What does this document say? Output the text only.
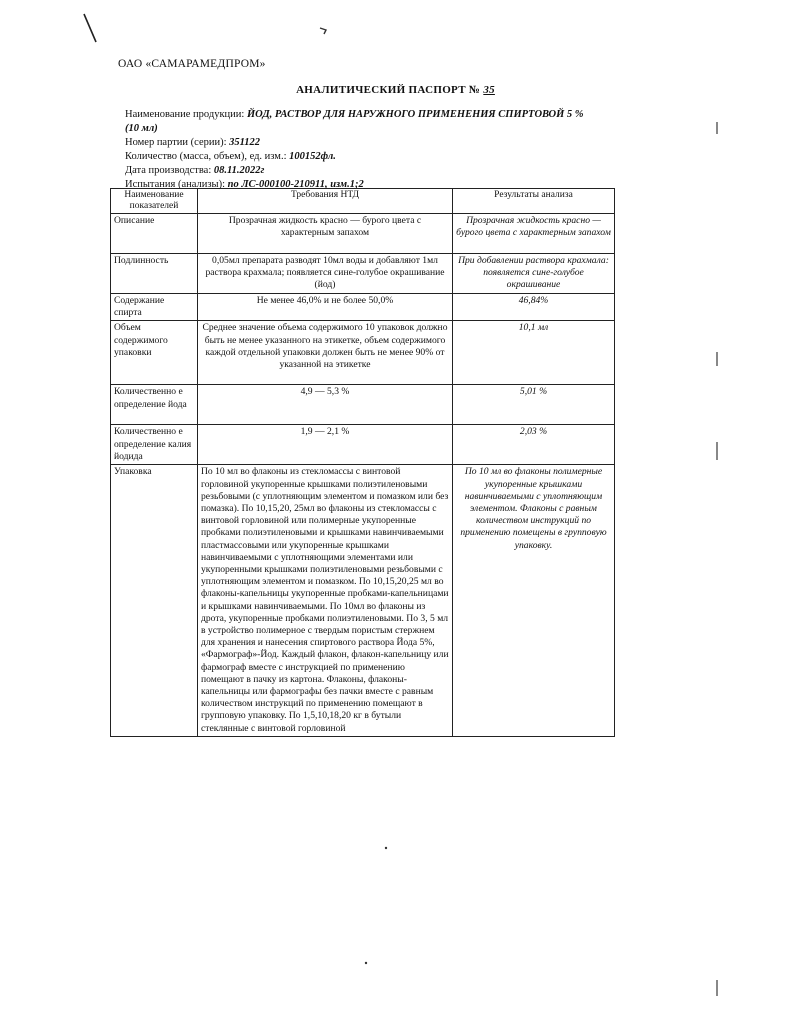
ОАО «САМАРАМЕДПРОМ»
АНАЛИТИЧЕСКИЙ ПАСПОРТ № 35
Наименование продукции: ЙОД, РАСТВОР ДЛЯ НАРУЖНОГО ПРИМЕНЕНИЯ СПИРТОВОЙ 5 %
(10 мл)
Номер партии (серии): 351122
Количество (масса, объем), ед. изм.: 100152фл.
Дата производства: 08.11.2022г
Испытания (анализы): по ЛС-000100-210911, изм.1;2
Наименование показателей	Требования НТД	Результаты анализа
Описание	Прозрачная жидкость красно — бурого цвета с характерным запахом	Прозрачная жидкость красно — бурого цвета с характерным запахом
Подлинность	0,05мл препарата разводят 10мл воды и добавляют 1мл раствора крахмала; появляется сине-голубое окрашивание (йод)	При добавлении раствора крахмала: появляется сине-голубое окрашивание
Содержание спирта	Не менее 46,0% и не более 50,0%	46,84%
Объем содержимого упаковки	Среднее значение объема содержимого 10 упаковок должно быть не менее указанного на этикетке, объем содержимого каждой отдельной упаковки должен быть не менее 90% от указанной на этикетке	10,1 мл
Количественно е определение йода	4,9 — 5,3 %	5,01 %
Количественно е определение калия йодида	1,9 — 2,1 %	2,03 %
Упаковка	По 10 мл во флаконы из стекломассы с винтовой горловиной укупоренные крышками полиэтиленовыми резьбовыми (с уплотняющим элементом и помазком или без помазка). По 10,15,20, 25мл во флаконы из стекломассы с винтовой горловиной или полимерные укупоренные пробками полиэтиленовыми и крышками навинчиваемыми пластмассовыми или укупоренные крышками навинчиваемыми с уплотняющими элементами или укупоренными крышками полиэтиленовыми резьбовыми с уплотняющим элементом и помазком. По 10,15,20,25 мл во флаконы-капельницы укупоренные пробками-капельницами и крышками навинчиваемыми. По 10мл во флаконы из дрота, укупоренные пробками полиэтиленовыми. По 3, 5 мл в устройство полимерное с твердым пористым стержнем для хранения и нанесения спиртового раствора Йода 5%, «Фармограф»-Йод. Каждый флакон, флакон-капельницу или фармограф вместе с инструкцией по применению помещают в пачку из картона. Флаконы, флаконы-капельницы или фармографы без пачки вместе с равным количеством инструкций по применению помещают в групповую упаковку. По 1,5,10,18,20 кг в бутыли стеклянные с винтовой горловиной	По 10 мл во флаконы полимерные укупоренные крышками навинчиваемыми с уплотняющим элементом. Флаконы с равным количеством инструкций по применению помещены в групповую упаковку.
